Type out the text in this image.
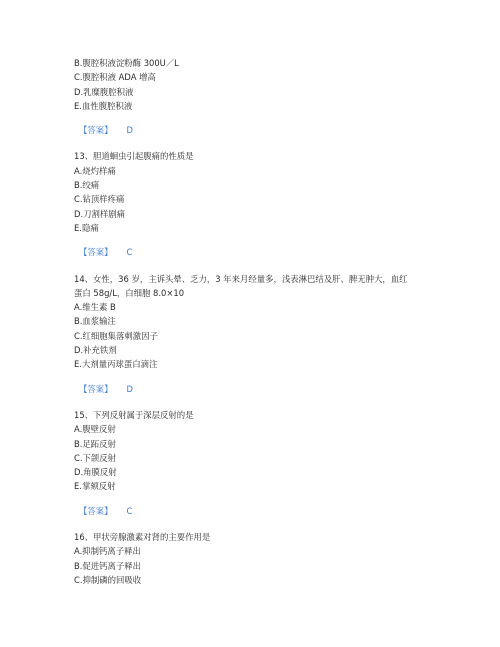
B.腹腔积液淀粉酶 300U／L
C.腹腔积液 ADA 增高
D.乳糜腹腔积液
E.血性腹腔积液
【答案】 D
13、胆道蛔虫引起腹痛的性质是
A.烧灼样痛
B.绞痛
C.钻顶样疼痛
D.刀割样剧痛
E.隐痛
【答案】 C
14、女性，36 岁，主诉头晕、乏力，3 年来月经量多，浅表淋巴结及肝、脾无肿大，血红
蛋白 58g/L，白细胞 8.0×10
A.维生素 B
B.血浆输注
C.红细胞集落刺激因子
D.补充铁剂
E.大剂量丙球蛋白滴注
【答案】 D
15、下列反射属于深层反射的是
A.腹壁反射
B.足跖反射
C.下颌反射
D.角膜反射
E.掌颏反射
【答案】 C
16、甲状旁腺激素对肾的主要作用是
A.抑制钙离子释出
B.促进钙离子释出
C.抑制磷的回吸收
